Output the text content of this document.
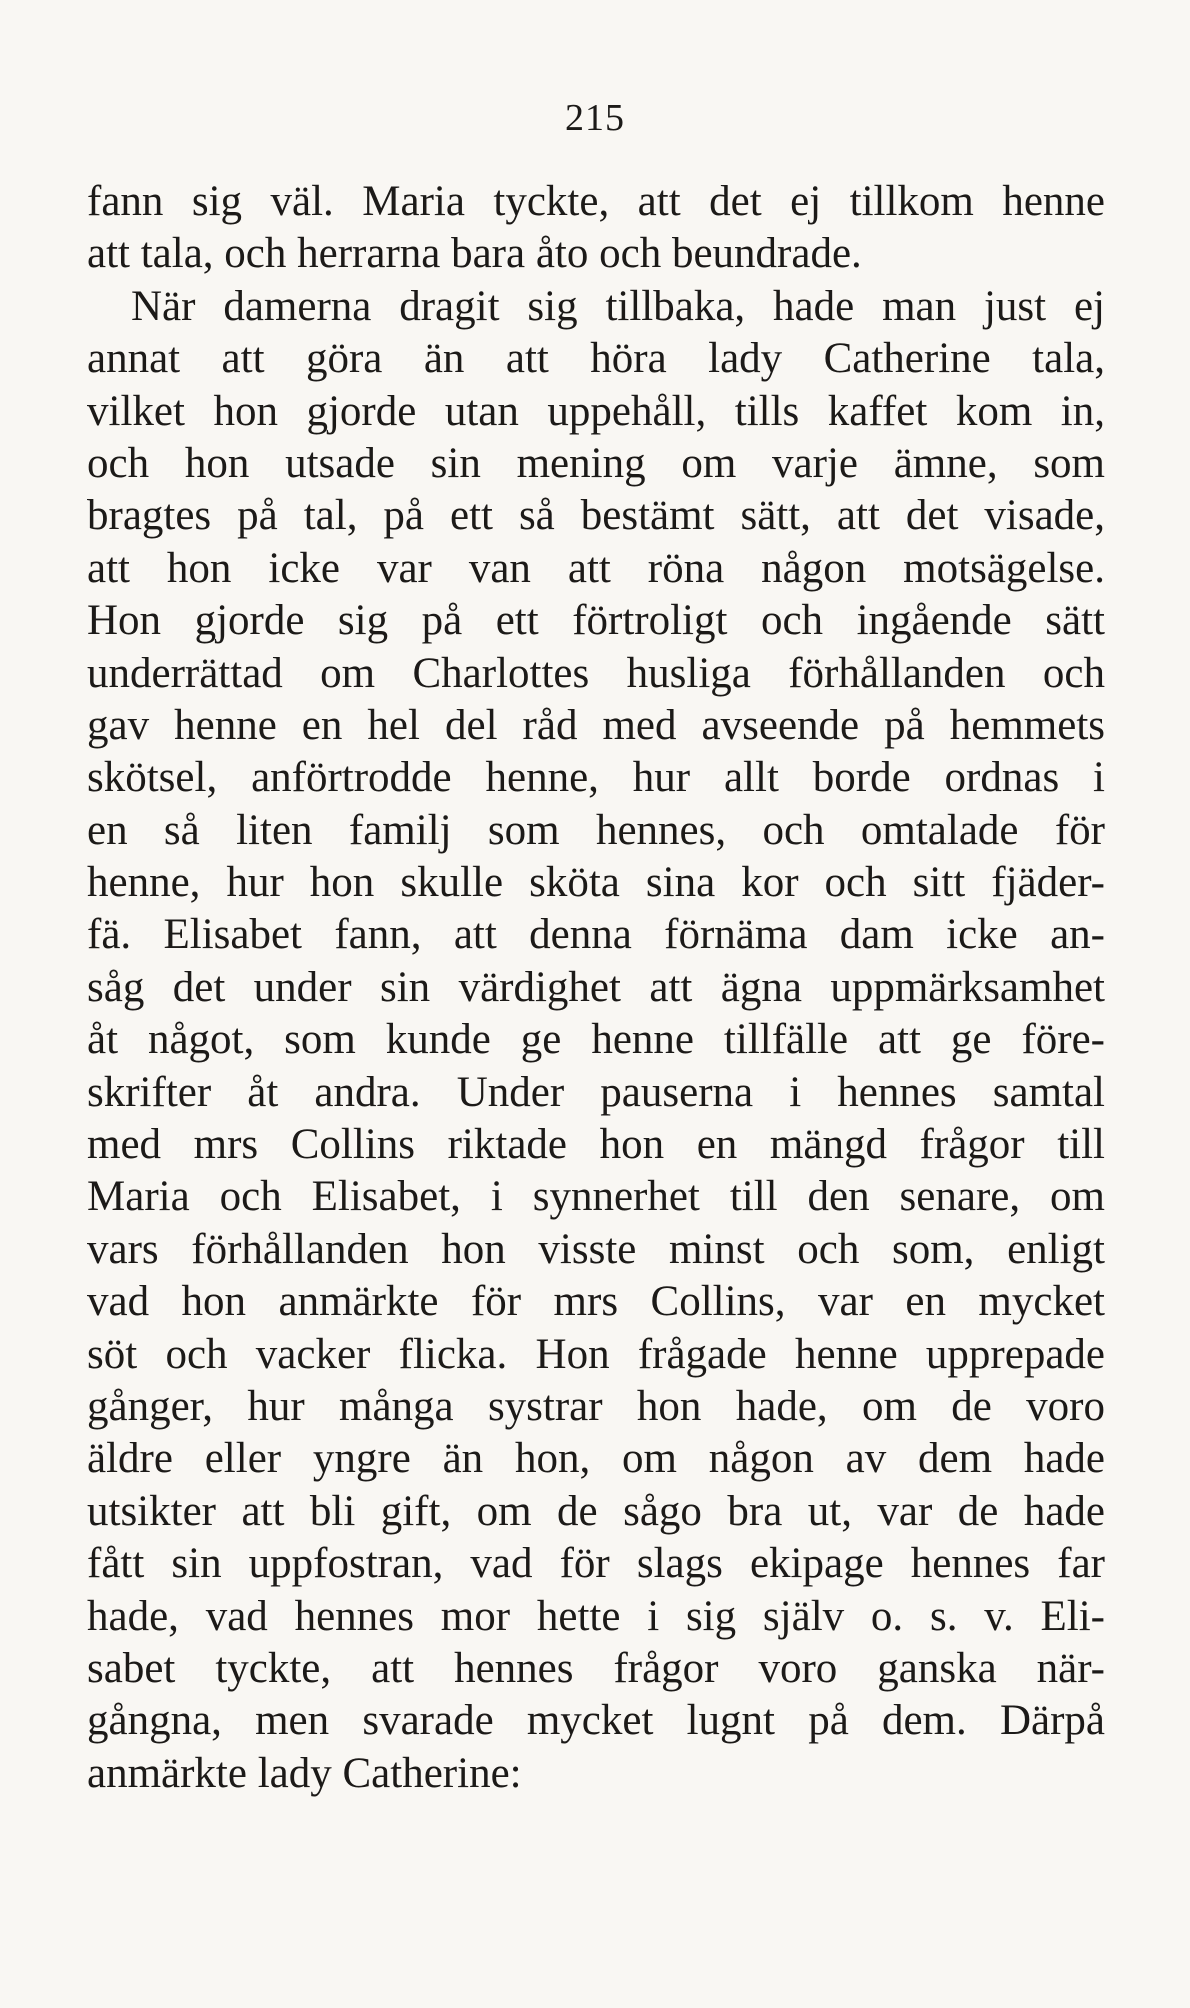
215
fann sig väl. Maria tyckte, att det ej tillkom henne
att tala, och herrarna bara åto och beundrade.
När damerna dragit sig tillbaka, hade man just ej
annat att göra än att höra lady Catherine tala,
vilket hon gjorde utan uppehåll, tills kaffet kom in,
och hon utsade sin mening om varje ämne, som
bragtes på tal, på ett så bestämt sätt, att det visade,
att hon icke var van att röna någon motsägelse.
Hon gjorde sig på ett förtroligt och ingående sätt
underrättad om Charlottes husliga förhållanden och
gav henne en hel del råd med avseende på hemmets
skötsel, anförtrodde henne, hur allt borde ordnas i
en så liten familj som hennes, och omtalade för
henne, hur hon skulle sköta sina kor och sitt fjäder-
fä. Elisabet fann, att denna förnäma dam icke an-
såg det under sin värdighet att ägna uppmärksamhet
åt något, som kunde ge henne tillfälle att ge före-
skrifter åt andra. Under pauserna i hennes samtal
med mrs Collins riktade hon en mängd frågor till
Maria och Elisabet, i synnerhet till den senare, om
vars förhållanden hon visste minst och som, enligt
vad hon anmärkte för mrs Collins, var en mycket
söt och vacker flicka. Hon frågade henne upprepade
gånger, hur många systrar hon hade, om de voro
äldre eller yngre än hon, om någon av dem hade
utsikter att bli gift, om de sågo bra ut, var de hade
fått sin uppfostran, vad för slags ekipage hennes far
hade, vad hennes mor hette i sig själv o. s. v. Eli-
sabet tyckte, att hennes frågor voro ganska när-
gångna, men svarade mycket lugnt på dem. Därpå
anmärkte lady Catherine:
